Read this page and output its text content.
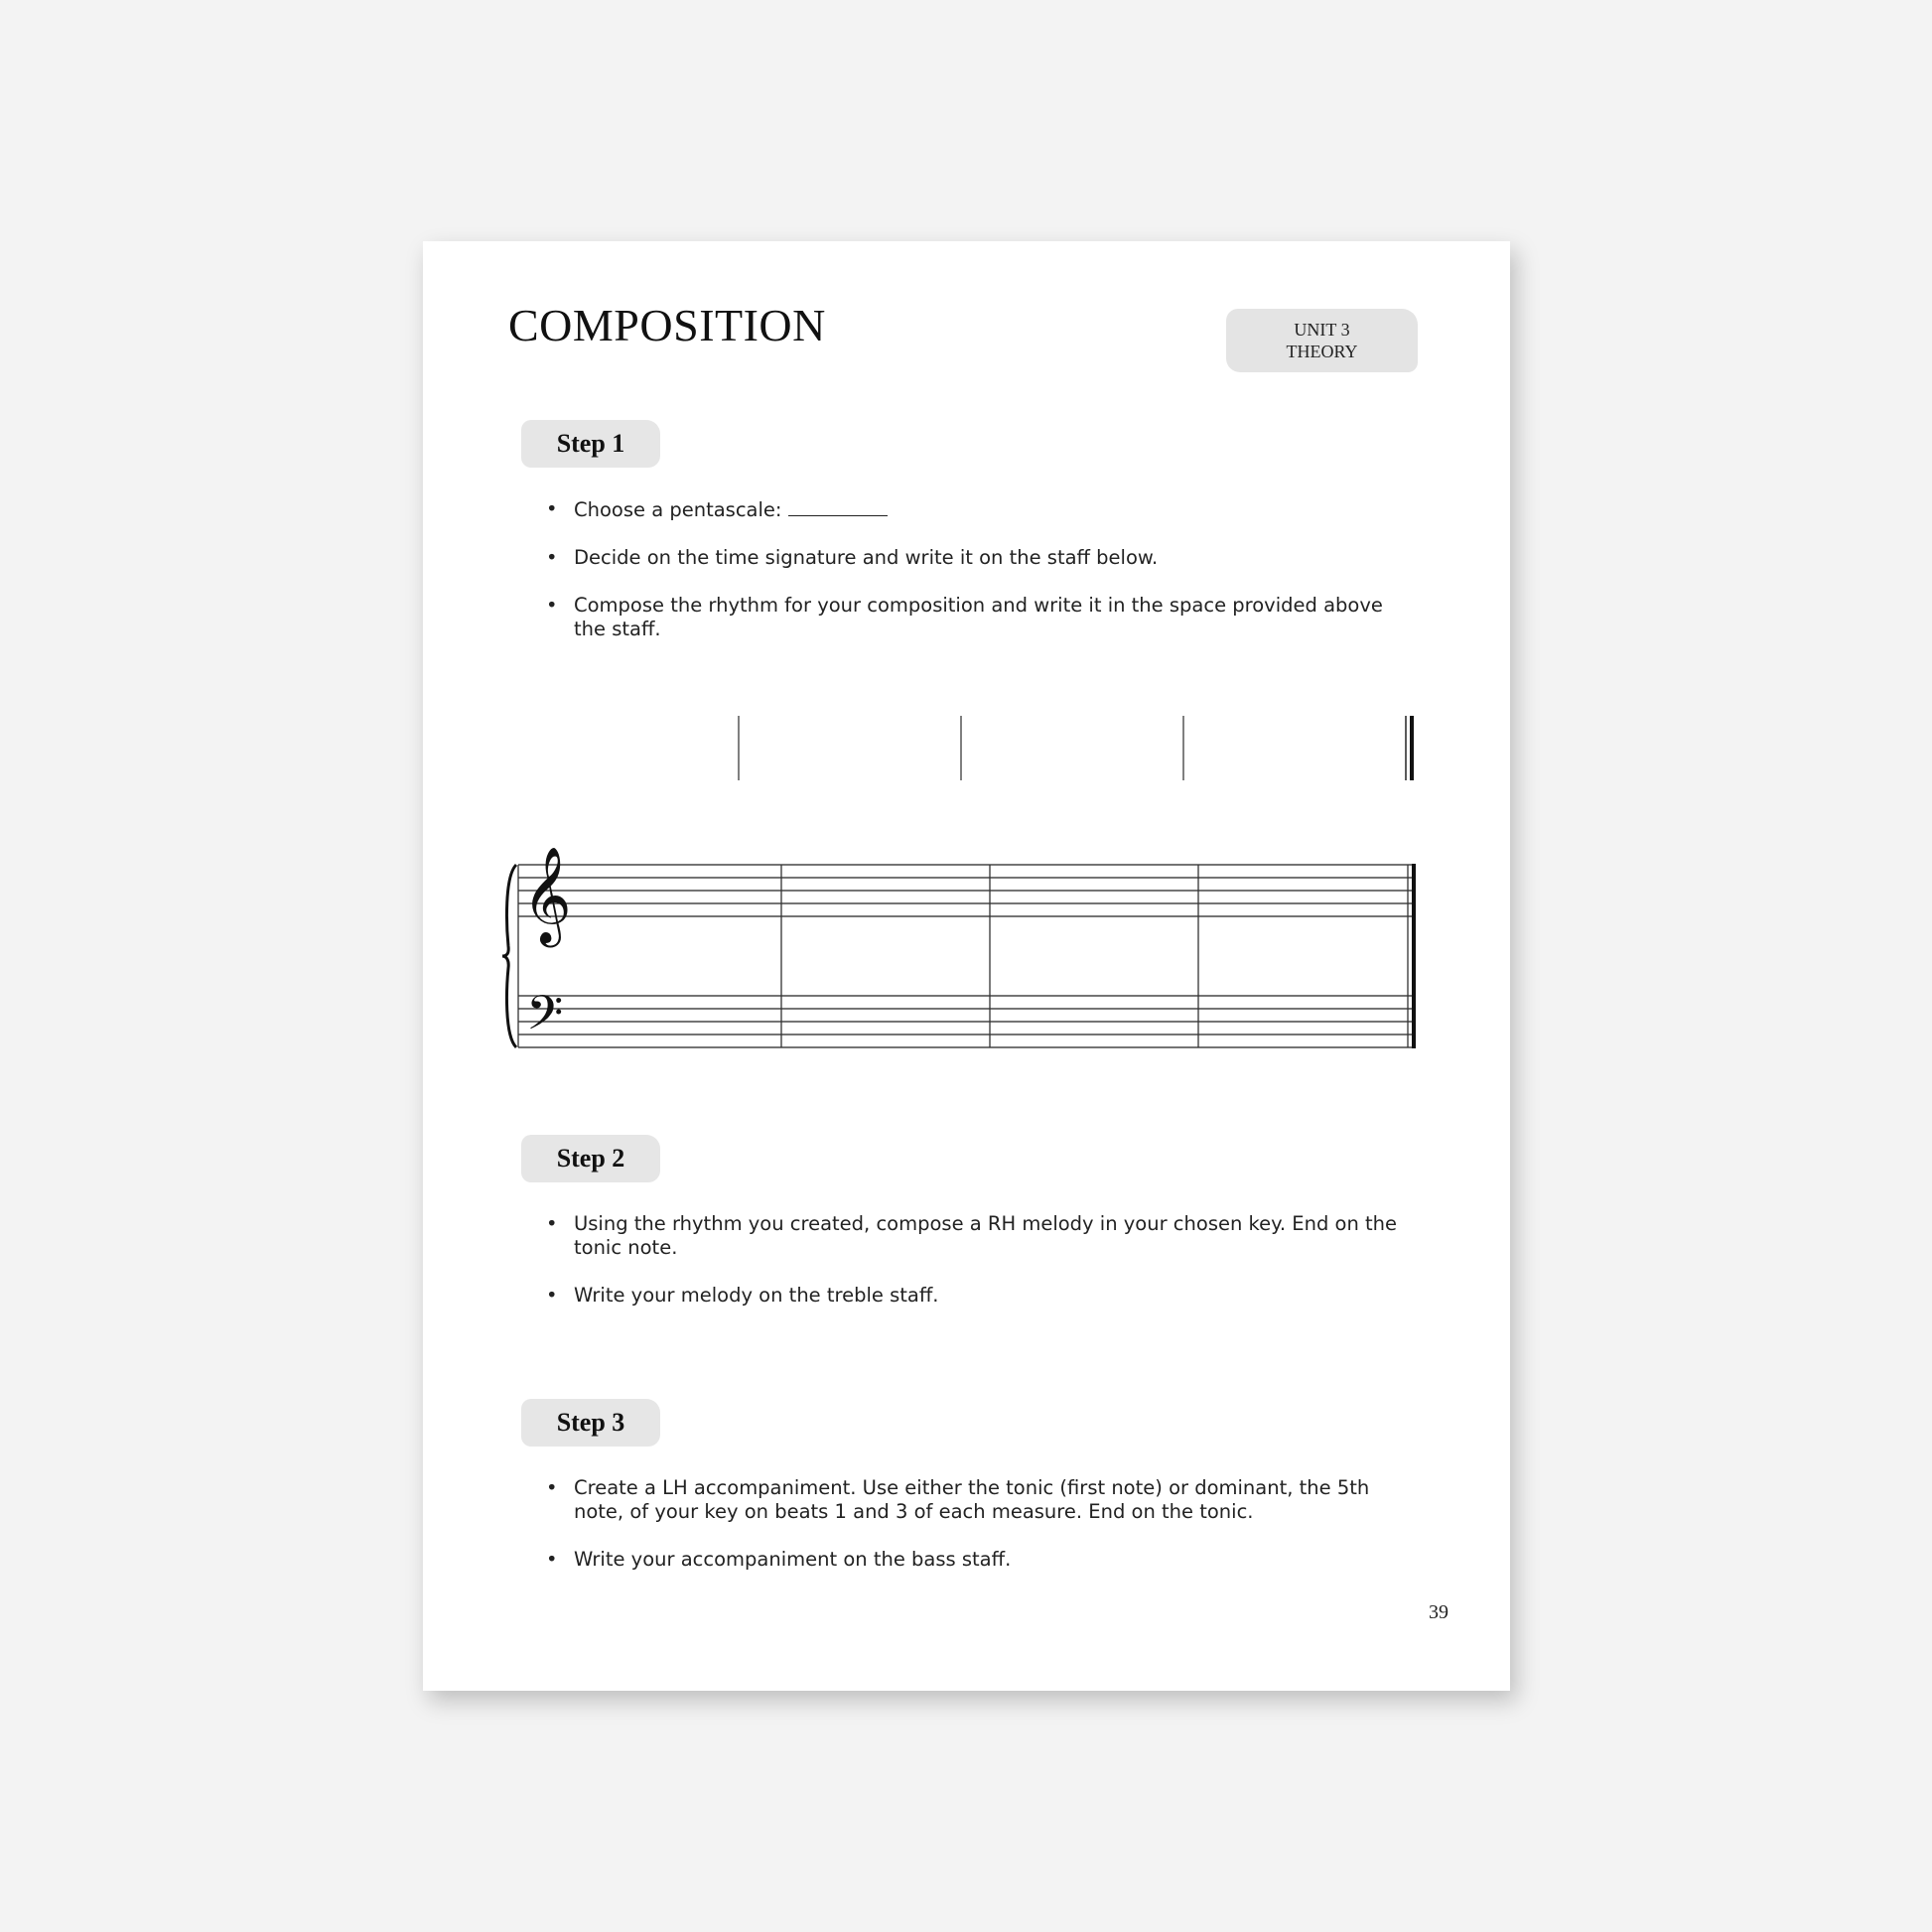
COMPOSITION	UNIT 3
THEORY
Step 1
• Choose a pentascale:
• Decide on the time signature and write it on the staff below.
• Compose the rhythm for your composition and write it in the space provided above the staff.
𝄞
𝄢
Step 2
• Using the rhythm you created, compose a RH melody in your chosen key. End on the tonic note.
• Write your melody on the treble staff.
Step 3
• Create a LH accompaniment. Use either the tonic (first note) or dominant, the 5th note, of your key on beats 1 and 3 of each measure. End on the tonic.
• Write your accompaniment on the bass staff.
39
